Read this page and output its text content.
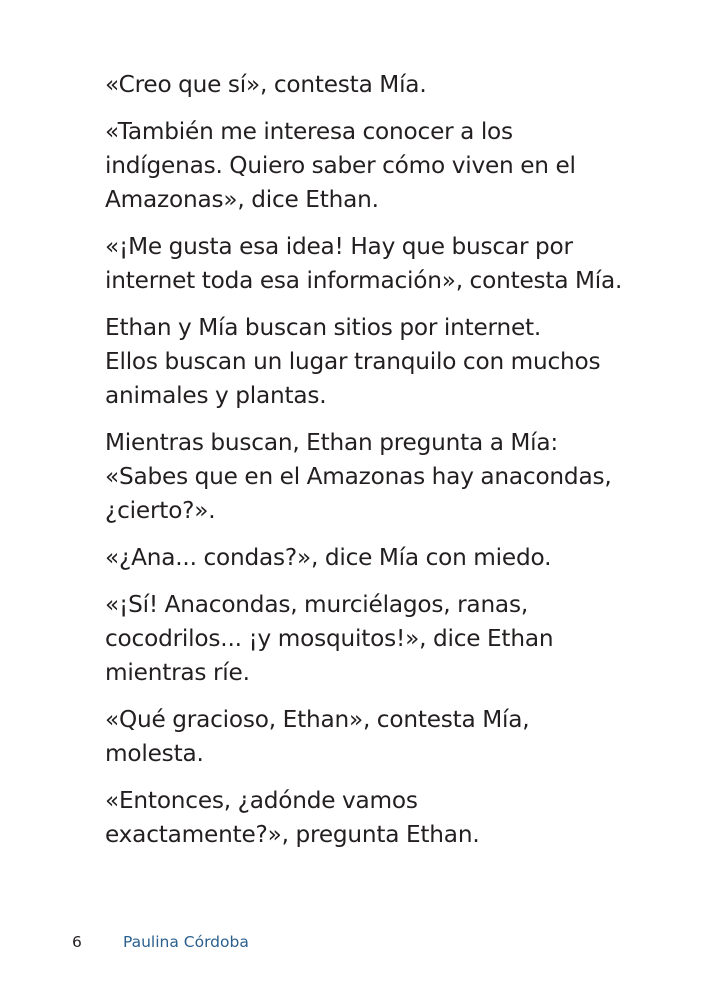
«Creo que sí», contesta Mía.

«También me interesa conocer a los
indígenas. Quiero saber cómo viven en el
Amazonas», dice Ethan.

«¡Me gusta esa idea! Hay que buscar por
internet toda esa información», contesta Mía.

Ethan y Mía buscan sitios por internet.
Ellos buscan un lugar tranquilo con muchos
animales y plantas.

Mientras buscan, Ethan pregunta a Mía:
«Sabes que en el Amazonas hay anacondas,
¿cierto?».

«¿Ana... condas?», dice Mía con miedo.

«¡Sí! Anacondas, murciélagos, ranas,
cocodrilos... ¡y mosquitos!», dice Ethan
mientras ríe.

«Qué gracioso, Ethan», contesta Mía,
molesta.

«Entonces, ¿adónde vamos
exactamente?», pregunta Ethan.

6	Paulina Córdoba
